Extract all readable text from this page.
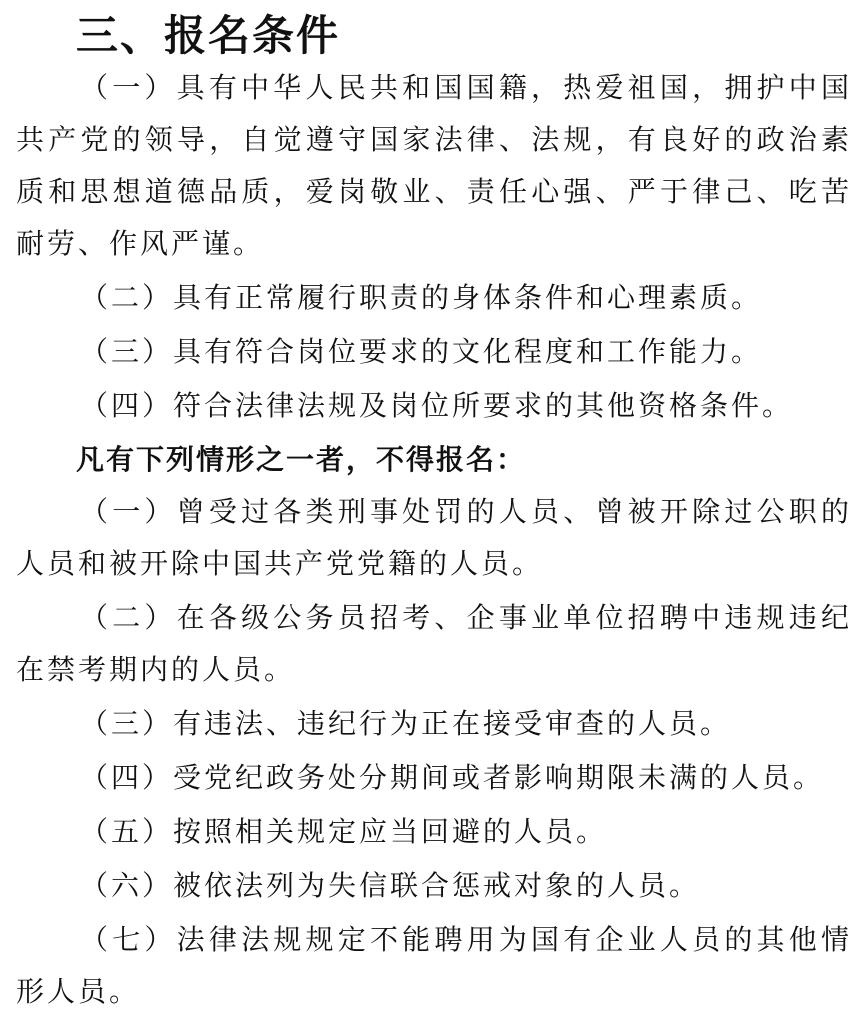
三、报名条件

（一）具有中华人民共和国国籍，热爱祖国，拥护中国共产党的领导，自觉遵守国家法律、法规，有良好的政治素质和思想道德品质，爱岗敬业、责任心强、严于律己、吃苦耐劳、作风严谨。

（二）具有正常履行职责的身体条件和心理素质。

（三）具有符合岗位要求的文化程度和工作能力。

（四）符合法律法规及岗位所要求的其他资格条件。

凡有下列情形之一者，不得报名：

（一）曾受过各类刑事处罚的人员、曾被开除过公职的人员和被开除中国共产党党籍的人员。

（二）在各级公务员招考、企事业单位招聘中违规违纪在禁考期内的人员。

（三）有违法、违纪行为正在接受审查的人员。

（四）受党纪政务处分期间或者影响期限未满的人员。

（五）按照相关规定应当回避的人员。

（六）被依法列为失信联合惩戒对象的人员。

（七）法律法规规定不能聘用为国有企业人员的其他情形人员。
